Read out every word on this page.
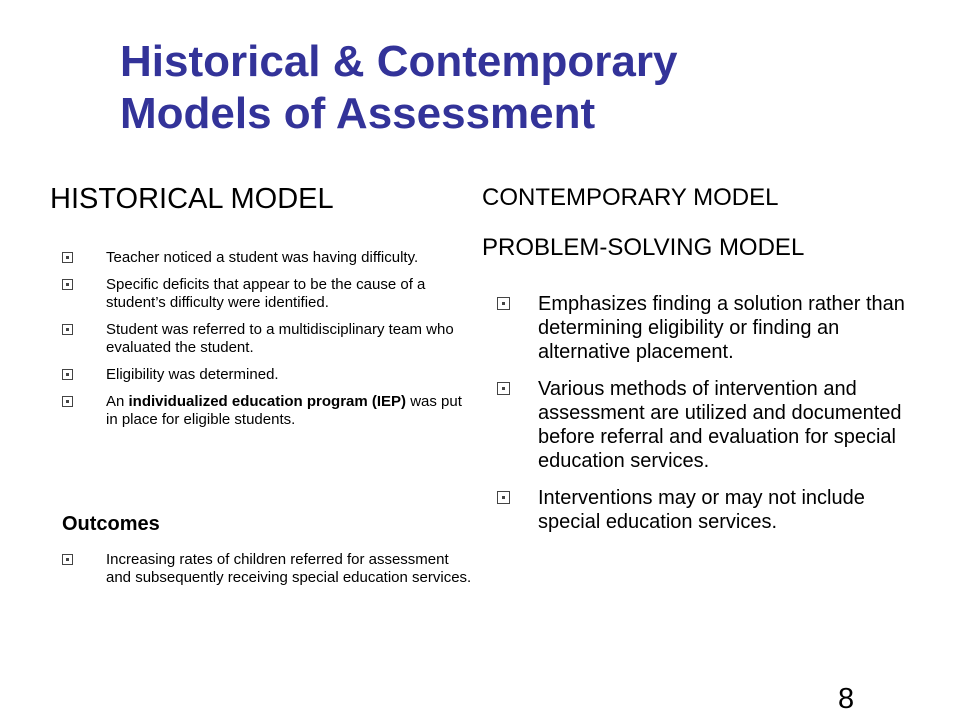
Historical & Contemporary
Models of Assessment
HISTORICAL MODEL
Teacher noticed a student was having difficulty.
Specific deficits that appear to be the cause of a student’s difficulty were identified.
Student was referred to a multidisciplinary team who evaluated the student.
Eligibility was determined.
An individualized education program (IEP) was put in place for eligible students.
Outcomes
Increasing rates of children referred for assessment and subsequently receiving special education services.
CONTEMPORARY MODEL
PROBLEM-SOLVING MODEL
Emphasizes finding a solution rather than determining eligibility or finding an alternative placement.
Various methods of intervention and assessment are utilized and documented before referral and evaluation for special education services.
Interventions may or may not include special education services.
8
